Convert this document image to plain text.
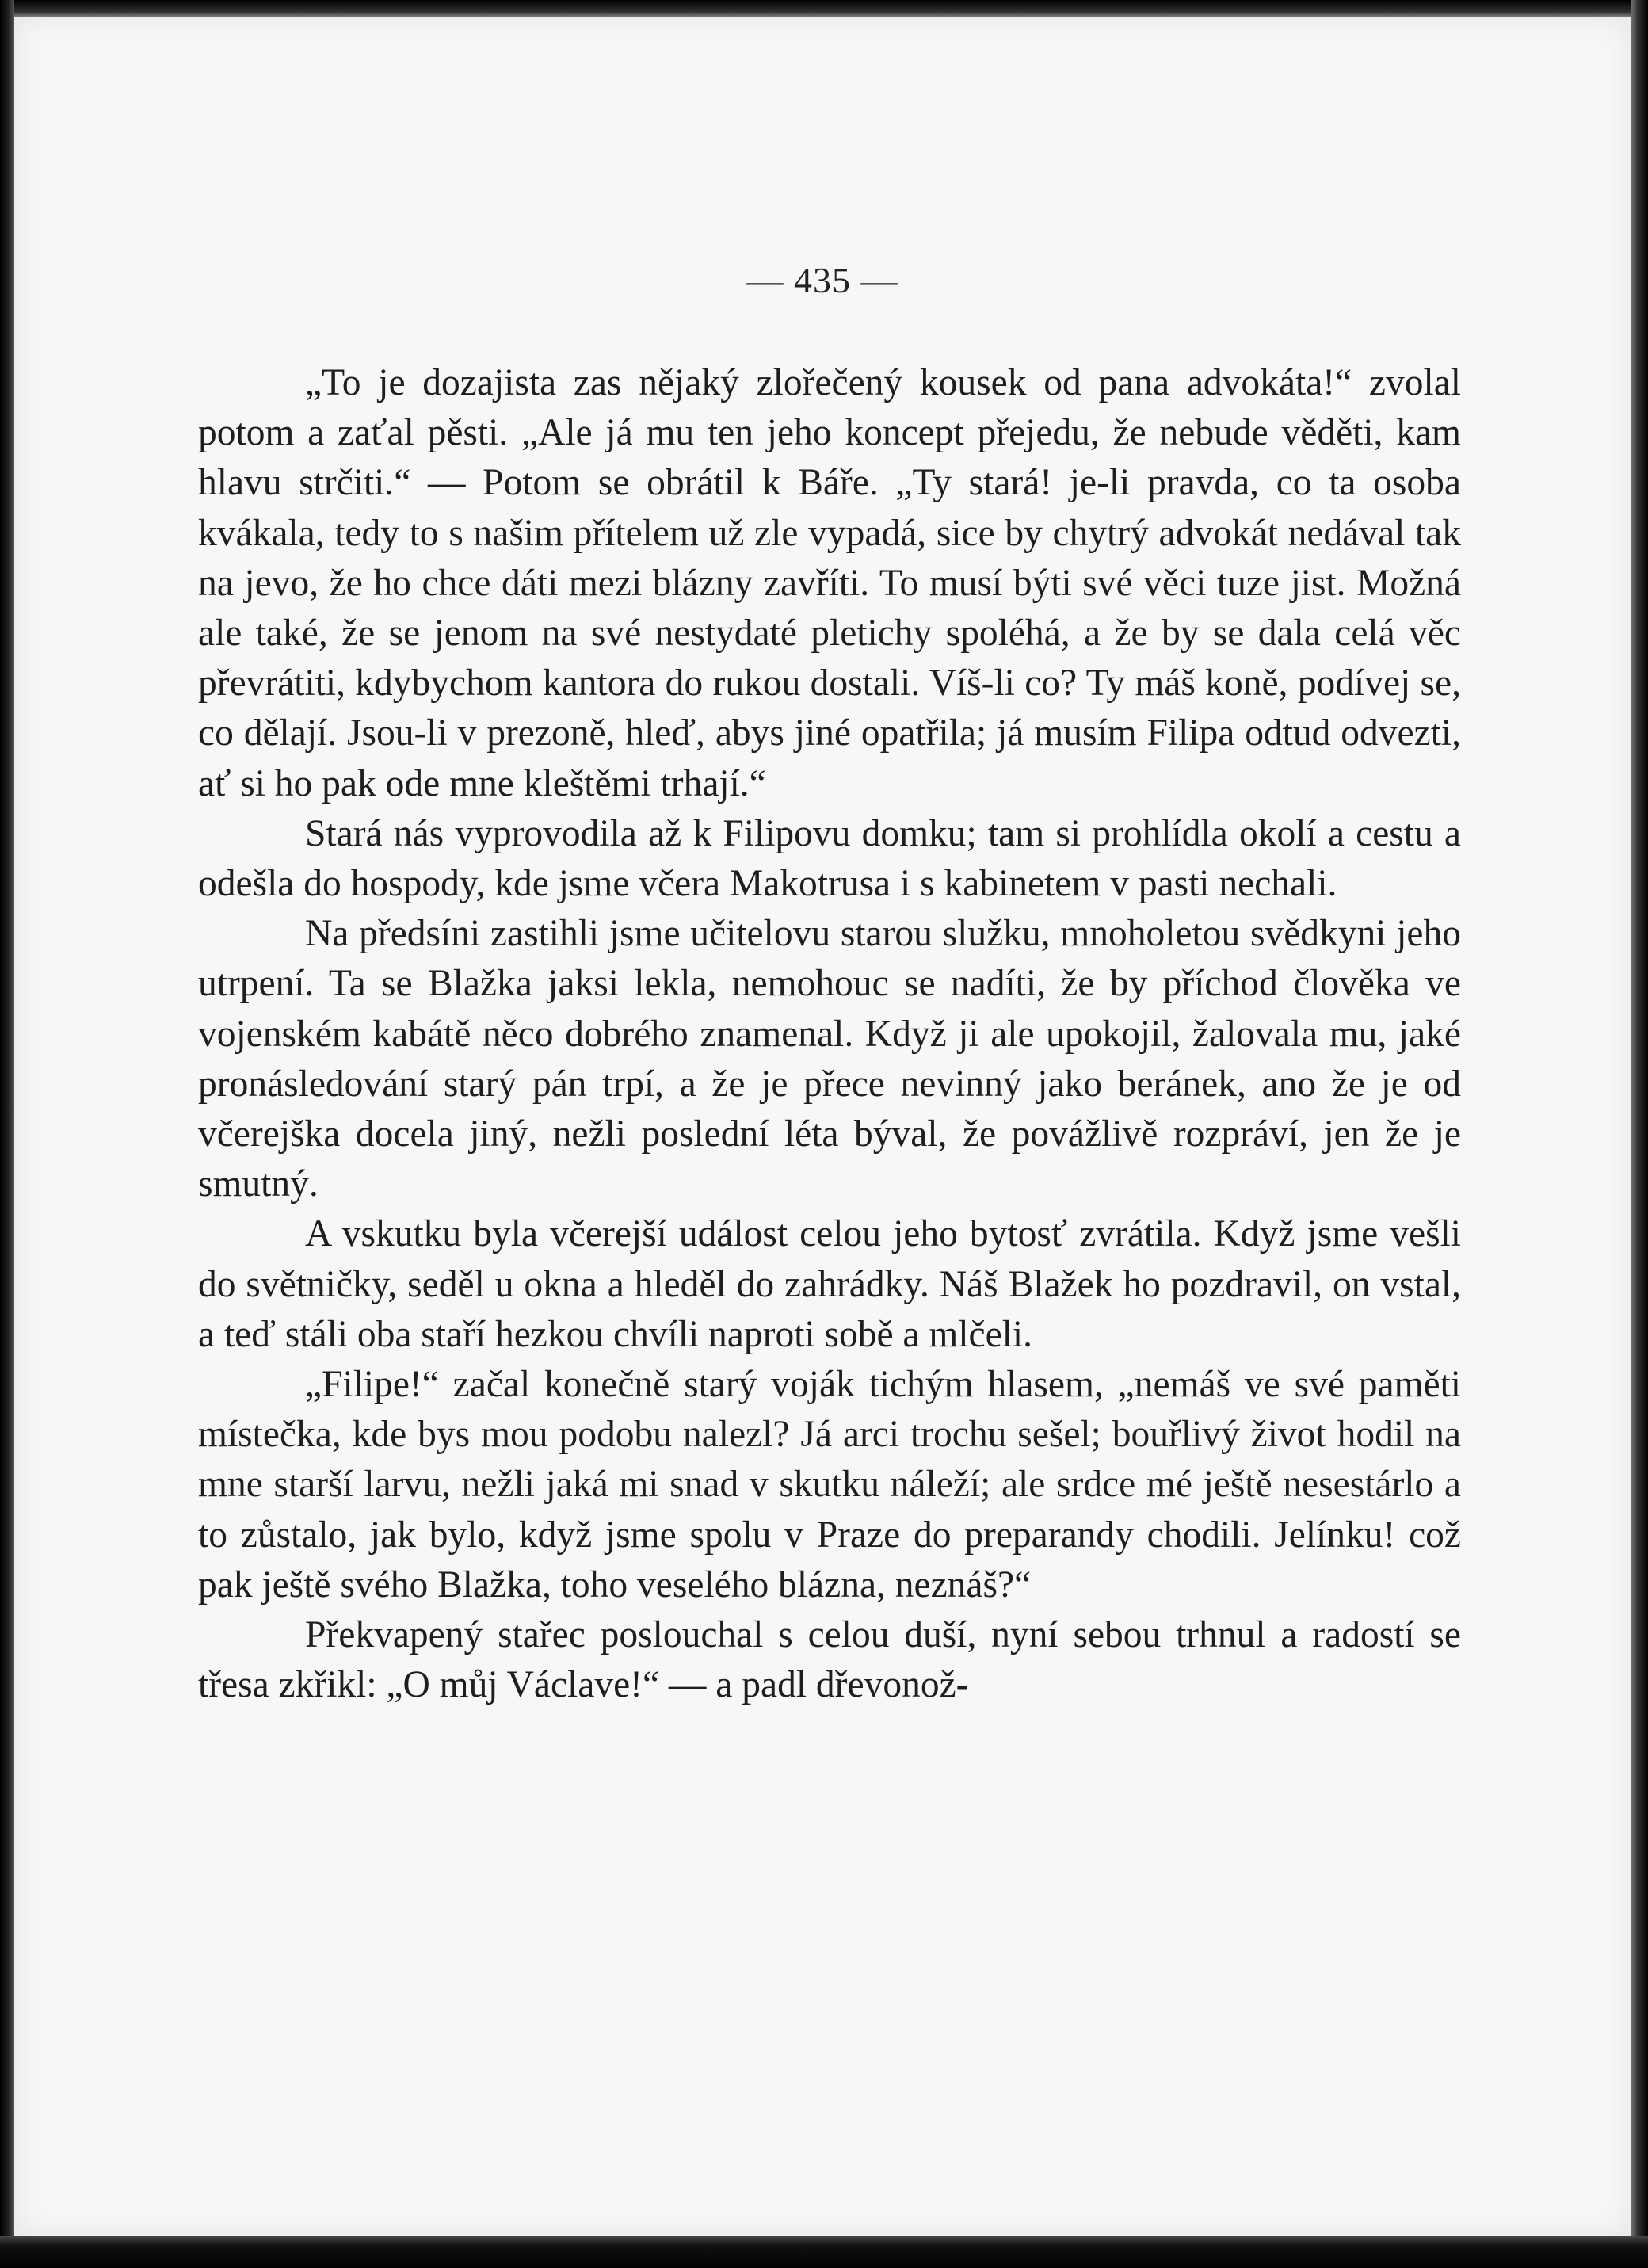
— 435 —

„To je dozajista zas nějaký zlořečený kousek od pana advokáta!“ zvolal potom a zaťal pěsti. „Ale já mu ten jeho koncept přejedu, že nebude věděti, kam hlavu strčiti.“ — Potom se obrátil k Báře. „Ty stará! je-li pravda, co ta osoba kvákala, tedy to s našim přítelem už zle vypadá, sice by chytrý advokát nedával tak na jevo, že ho chce dáti mezi blázny zavříti. To musí býti své věci tuze jist. Možná ale také, že se jenom na své nestydaté pletichy spoléhá, a že by se dala celá věc převrátiti, kdybychom kantora do rukou dostali. Víš-li co? Ty máš koně, podívej se, co dělají. Jsou-li v prezoně, hleď, abys jiné opatřila; já musím Filipa odtud odvezti, ať si ho pak ode mne kleštěmi trhají.“

Stará nás vyprovodila až k Filipovu domku; tam si prohlídla okolí a cestu a odešla do hospody, kde jsme včera Makotrusa i s kabinetem v pasti nechali.

Na předsíni zastihli jsme učitelovu starou služku, mnoholetou svědkyni jeho utrpení. Ta se Blažka jaksi lekla, nemohouc se nadíti, že by příchod člověka ve vojenském kabátě něco dobrého znamenal. Když ji ale upokojil, žalovala mu, jaké pronásledování starý pán trpí, a že je přece nevinný jako beránek, ano že je od včerejška docela jiný, nežli poslední léta býval, že povážlivě rozpráví, jen že je smutný.

A vskutku byla včerejší událost celou jeho bytosť zvrátila. Když jsme vešli do světničky, seděl u okna a hleděl do zahrádky. Náš Blažek ho pozdravil, on vstal, a teď stáli oba staří hezkou chvíli naproti sobě a mlčeli.

„Filipe!“ začal konečně starý voják tichým hlasem, „nemáš ve své paměti místečka, kde bys mou podobu nalezl? Já arci trochu sešel; bouřlivý život hodil na mne starší larvu, nežli jaká mi snad v skutku náleží; ale srdce mé ještě nesestárlo a to zůstalo, jak bylo, když jsme spolu v Praze do preparandy chodili. Jelínku! což pak ještě svého Blažka, toho veselého blázna, neznáš?“

Překvapený stařec poslouchal s celou duší, nyní sebou trhnul a radostí se třesa zkřikl: „O můj Václave!“ — a padl dřevonož-
